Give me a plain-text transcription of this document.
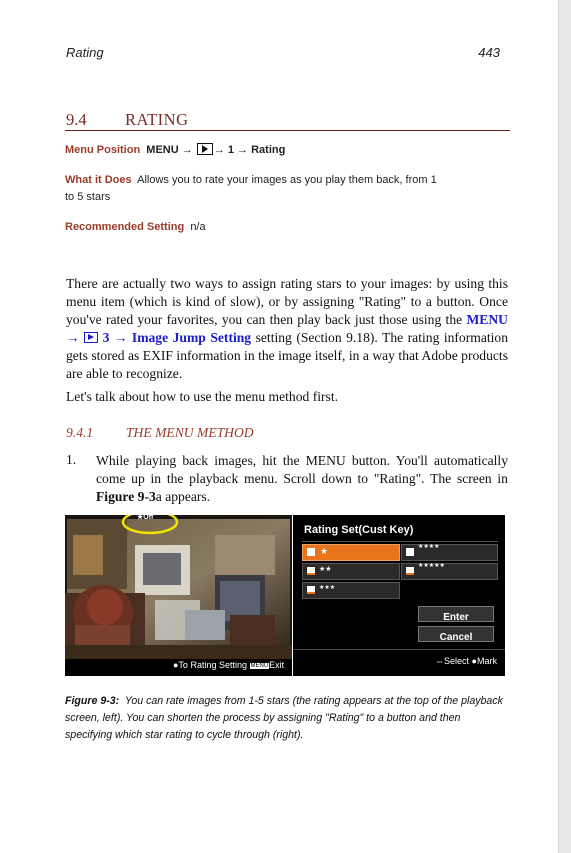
Rating	443
9.4 RATING
Menu Position MENU → → 1 → Rating
What it Does Allows you to rate your images as you play them back, from 1
to 5 stars
Recommended Setting n/a
There are actually two ways to assign rating stars to your images: by using this menu item (which is kind of slow), or by assigning "Rating" to a button. Once you've rated your favorites, you can then play back just those using the MENU → 3 → Image Jump Setting setting (Section 9.18). The rating information gets stored as EXIF information in the image itself, in a way that Adobe products are able to recognize.
Let's talk about how to use the menu method first.
9.4.1 THE MENU METHOD
1. While playing back images, hit the MENU button. You'll automatically come up in the playback menu. Scroll down to "Rating". The screen in Figure 9-3a appears.
★Off
●To Rating Setting MENUExit
Rating Set(Cust Key)
★	★★★★
★★	★★★★★
★★★
Enter
Cancel
⇔Select ●Mark
Figure 9-3: You can rate images from 1-5 stars (the rating appears at the top of the playback screen, left). You can shorten the process by assigning "Rating" to a button and then specifying which star rating to cycle through (right).
